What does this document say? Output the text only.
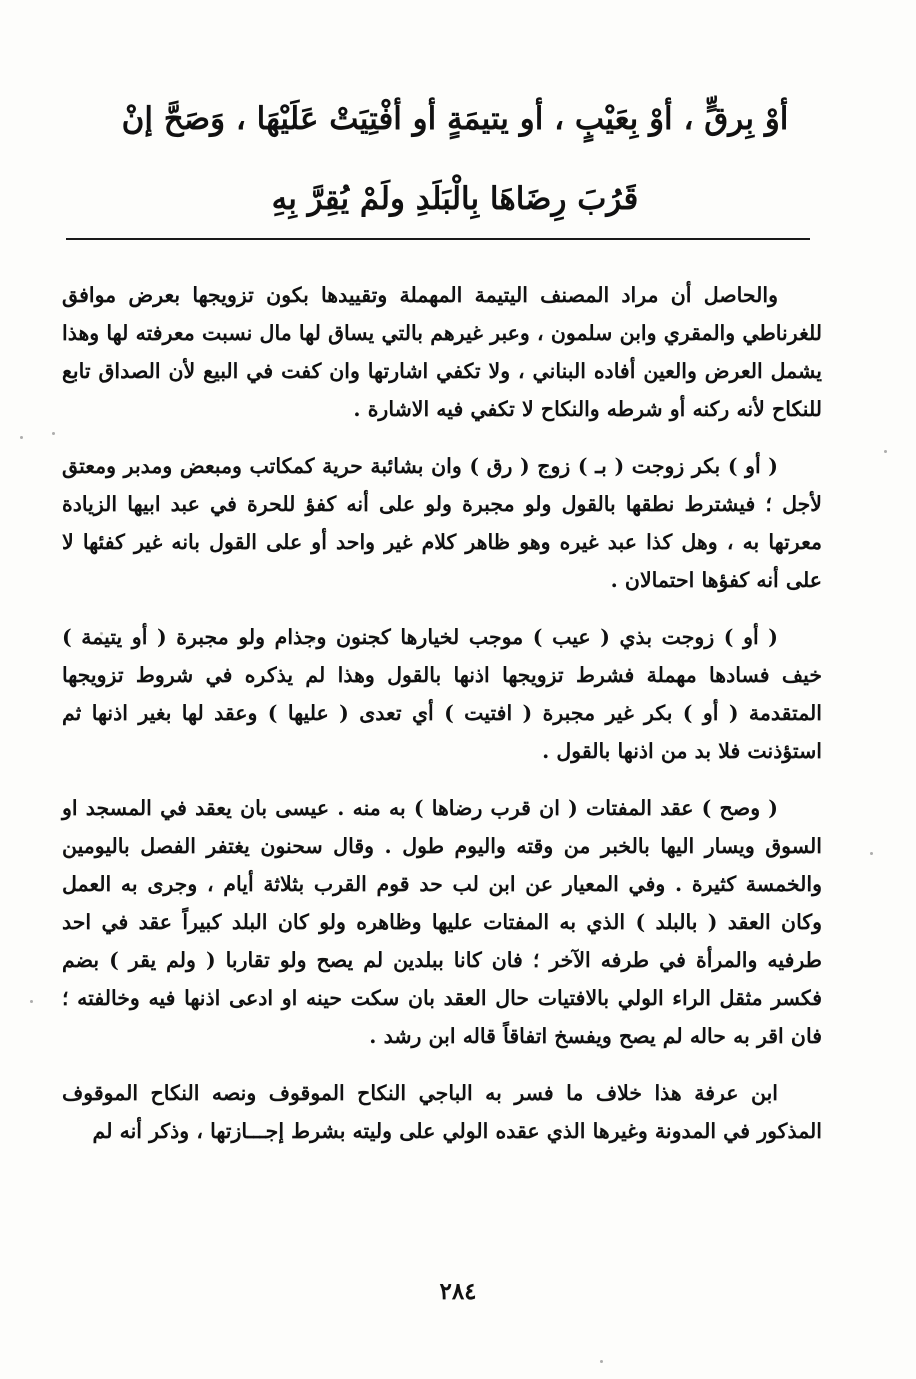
أوْ بِرقٍّ ، أوْ بِعَيْبٍ ، أو يتيمَةٍ أو أفْتِيَتْ عَلَيْهَا ، وَصَحَّ إنْ
قَرُبَ رِضَاهَا بِالْبَلَدِ ولَمْ يُقِرَّ بِهِ

والحاصل أن مراد المصنف اليتيمة المهملة وتقييدها بكون تزويجها بعرض موافق للغرناطي والمقري وابن سلمون ، وعبر غيرهم بالتي يساق لها مال نسبت معرفته لها وهذا يشمل العرض والعين أفاده البناني ، ولا تكفي اشارتها وان كفت في البيع لأن الصداق تابع للنكاح لأنه ركنه أو شرطه والنكاح لا تكفي فيه الاشارة .

( أو ) بكر زوجت ( بـ ) زوج ( رق ) وان بشائبة حرية كمكاتب ومبعض ومدبر ومعتق لأجل ؛ فيشترط نطقها بالقول ولو مجبرة ولو على أنه كفؤ للحرة في عبد ابيها الزيادة معرتها به ، وهل كذا عبد غيره وهو ظاهر كلام غير واحد أو على القول بانه غير كفئها لا على أنه كفؤها احتمالان .

( أو ) زوجت بذي ( عيب ) موجب لخيارها كجنون وجذام ولو مجبرة ( أو يتيمة ) خيف فسادها مهملة فشرط تزويجها اذنها بالقول وهذا لم يذكره في شروط تزويجها المتقدمة ( أو ) بكر غير مجبرة ( افتيت ) أي تعدى ( عليها ) وعقد لها بغير اذنها ثم استؤذنت فلا بد من اذنها بالقول .

( وصح ) عقد المفتات ( ان قرب رضاها ) به منه . عيسى بان يعقد في المسجد او السوق ويسار اليها بالخبر من وقته واليوم طول . وقال سحنون يغتفر الفصل باليومين والخمسة كثيرة . وفي المعيار عن ابن لب حد قوم القرب بثلاثة أيام ، وجرى به العمل وكان العقد ( بالبلد ) الذي به المفتات عليها وظاهره ولو كان البلد كبيراً عقد في احد طرفيه والمرأة في طرفه الآخر ؛ فان كانا ببلدين لم يصح ولو تقاربا ( ولم يقر ) بضم فكسر مثقل الراء الولي بالافتيات حال العقد بان سكت حينه او ادعى اذنها فيه وخالفته ؛ فان اقر به حاله لم يصح ويفسخ اتفاقاً قاله ابن رشد .

ابن عرفة هذا خلاف ما فسر به الباجي النكاح الموقوف ونصه النكاح الموقوف المذكور في المدونة وغيرها الذي عقده الولي على وليته بشرط إجـــازتها ، وذكر أنه لم

٢٨٤
